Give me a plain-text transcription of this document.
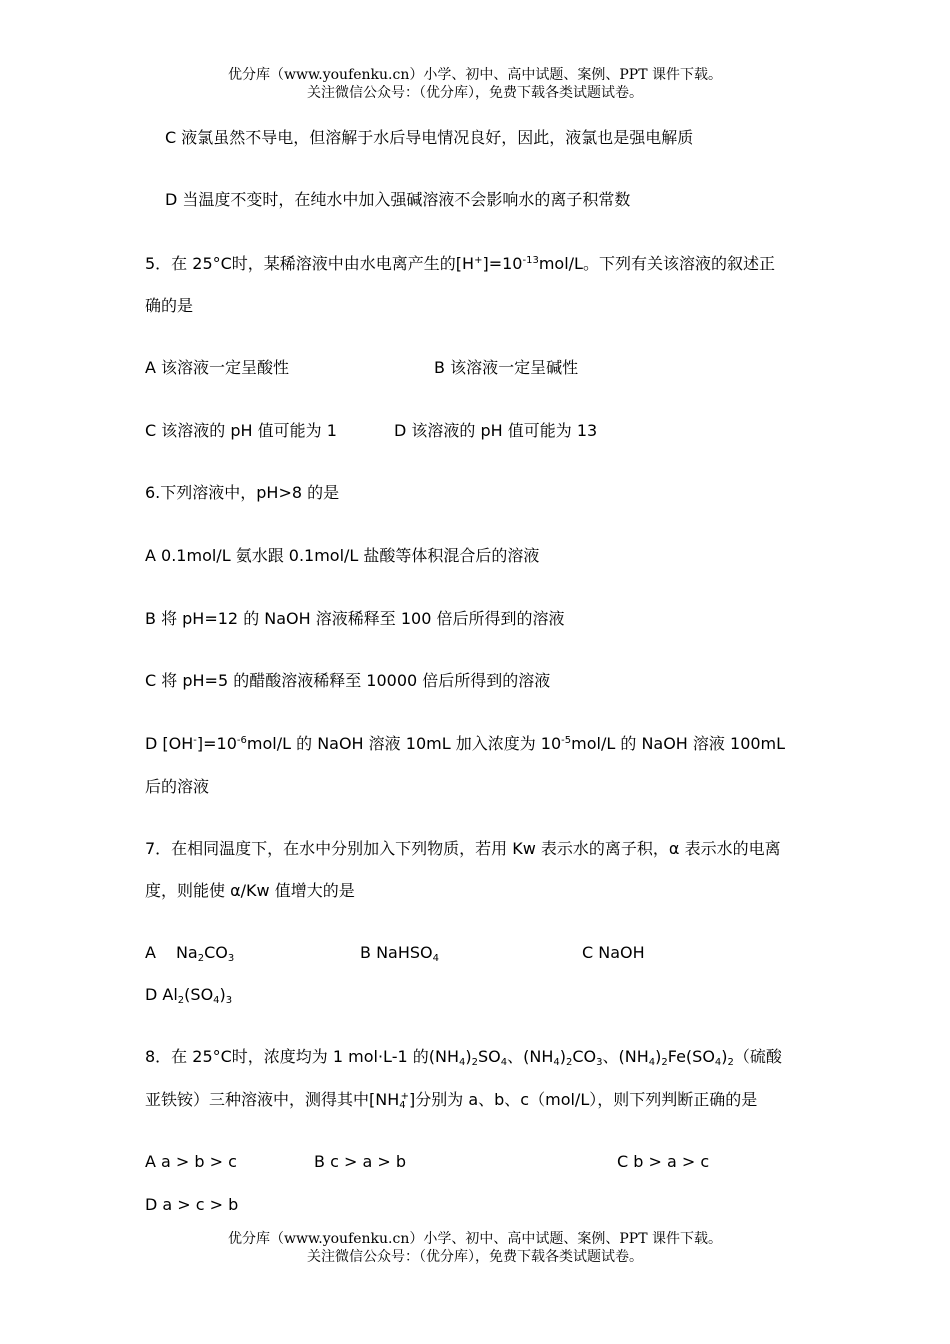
优分库（www.youfenku.cn）小学、初中、高中试题、案例、PPT 课件下载。
关注微信公众号：（优分库），免费下载各类试题试卷。
C 液氯虽然不导电，但溶解于水后导电情况良好，因此，液氯也是强电解质
D 当温度不变时，在纯水中加入强碱溶液不会影响水的离子积常数
5．在 25°C时，某稀溶液中由水电离产生的$[H^+]=10^{-13}mol/L$。下列有关该溶液的叙述正
确的是
A 该溶液一定呈酸性	B 该溶液一定呈碱性
C 该溶液的 pH 值可能为 1	D 该溶液的 pH 值可能为 13
6.下列溶液中，pH>8 的是
A 0.1mol/L 氨水跟 0.1mol/L 盐酸等体积混合后的溶液
B 将 pH=12 的 NaOH 溶液稀释至 100 倍后所得到的溶液
C 将 pH=5 的醋酸溶液稀释至 10000 倍后所得到的溶液
D $[OH^-]=10^{-6}mol/L$ 的 NaOH 溶液 10mL 加入浓度为 $10^{-5}mol/L$ 的 NaOH 溶液 100mL
后的溶液
7．在相同温度下，在水中分别加入下列物质，若用 Kw 表示水的离子积，α 表示水的电离
度，则能使 α/Kw 值增大的是
A $Na_2CO_3$	B NaHSO$_4$	C NaOH
D $Al_2(SO_4)_3$
8．在 25°C时，浓度均为 1 mol·L-1 的$(NH_4)_2SO_4$、$(NH_4)_2CO_3$、$(NH_4)_2Fe(SO_4)_2$（硫酸
亚铁铵）三种溶液中，测得其中$[NH_4^+]$分别为 a、b、c（mol/L），则下列判断正确的是
A a > b > c	B c > a > b	C b > a > c
D a > c > b
优分库（www.youfenku.cn）小学、初中、高中试题、案例、PPT 课件下载。
关注微信公众号：（优分库），免费下载各类试题试卷。
